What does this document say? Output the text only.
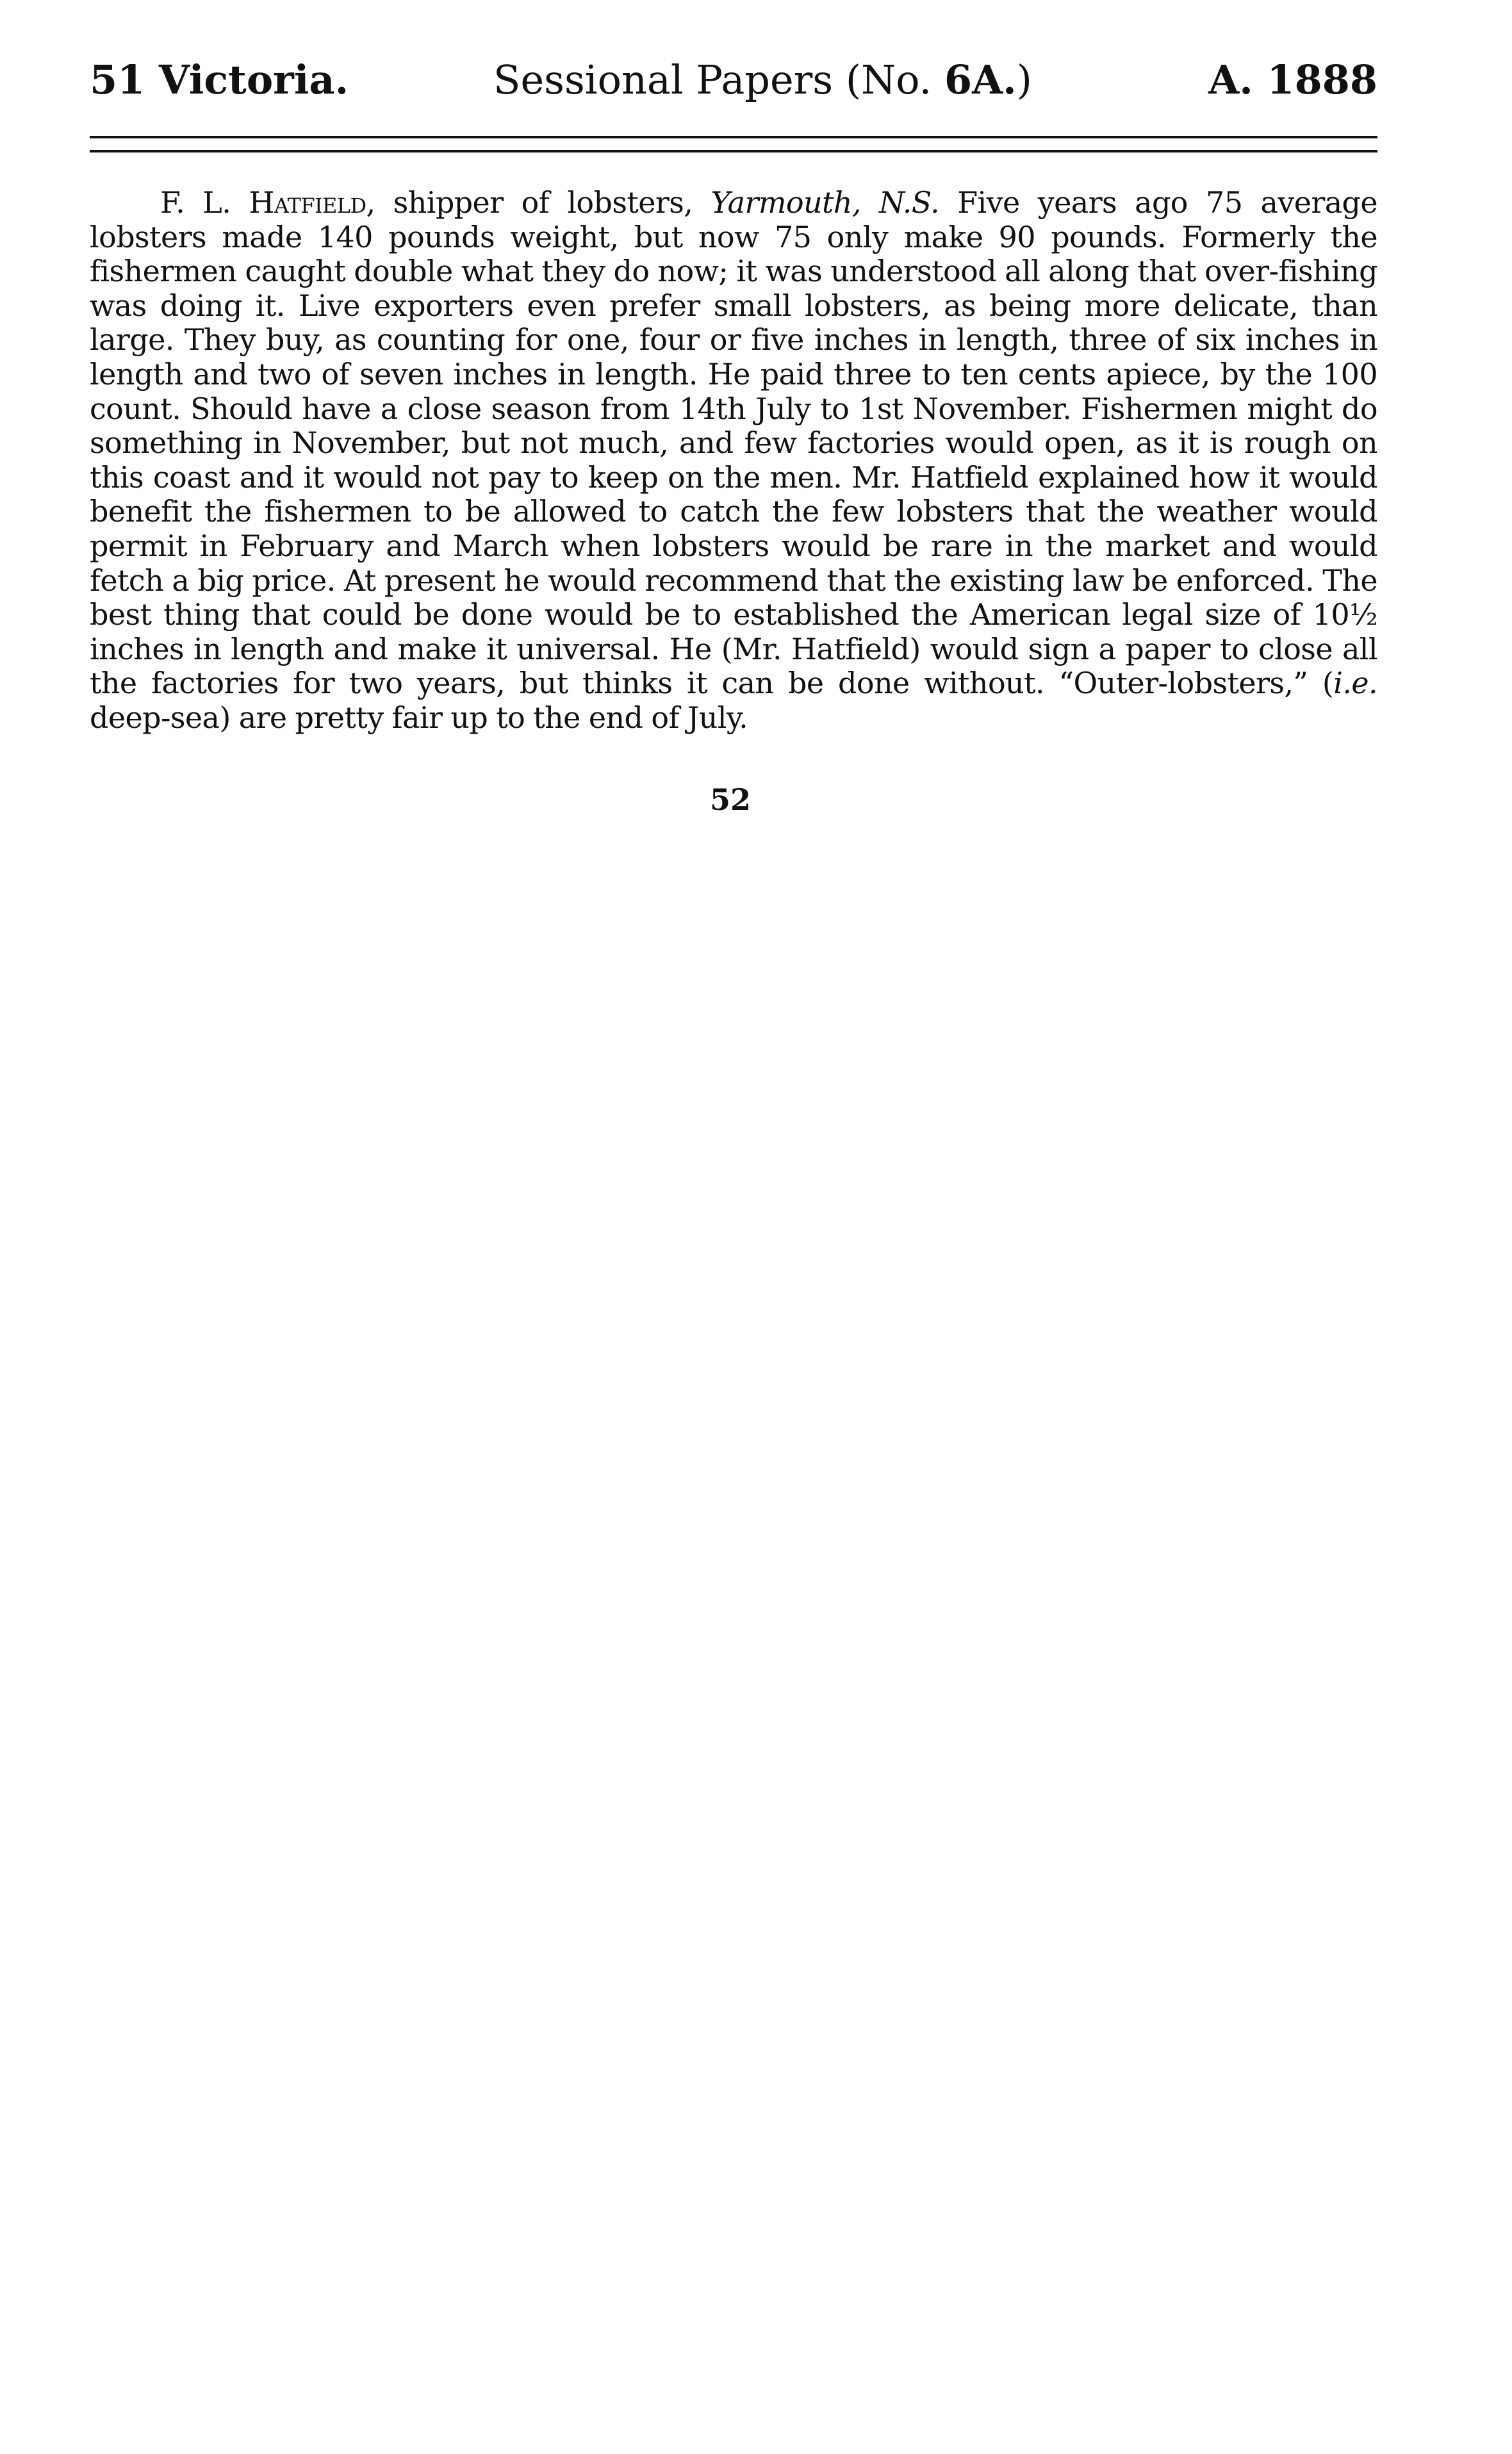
51 Victoria.	Sessional Papers (No. 6A.)	A. 1888

F. L. Hatfield, shipper of lobsters, Yarmouth, N.S. Five years ago 75 average lobsters made 140 pounds weight, but now 75 only make 90 pounds. Formerly the fishermen caught double what they do now; it was understood all along that over-fishing was doing it. Live exporters even prefer small lobsters, as being more delicate, than large. They buy, as counting for one, four or five inches in length, three of six inches in length and two of seven inches in length. He paid three to ten cents apiece, by the 100 count. Should have a close season from 14th July to 1st November. Fishermen might do something in November, but not much, and few factories would open, as it is rough on this coast and it would not pay to keep on the men. Mr. Hatfield explained how it would benefit the fishermen to be allowed to catch the few lobsters that the weather would permit in February and March when lobsters would be rare in the market and would fetch a big price. At present he would recommend that the existing law be enforced. The best thing that could be done would be to established the American legal size of 10½ inches in length and make it universal. He (Mr. Hatfield) would sign a paper to close all the factories for two years, but thinks it can be done without. “Outer-lobsters,” (i.e. deep-sea) are pretty fair up to the end of July.

52
